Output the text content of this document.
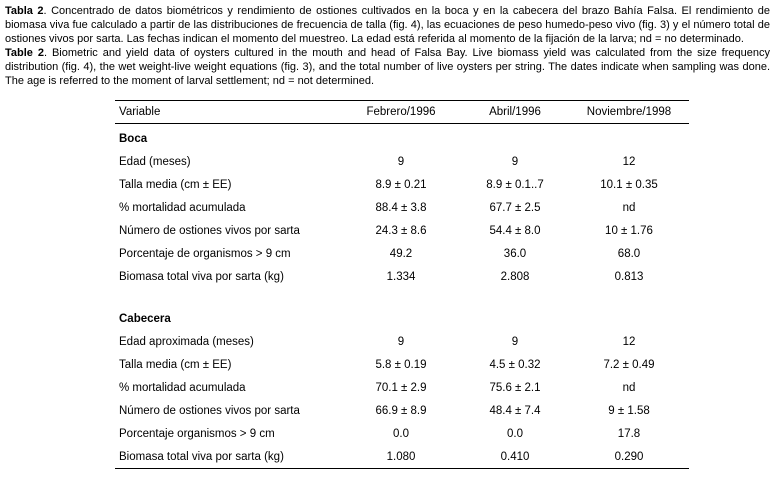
Tabla 2. Concentrado de datos biométricos y rendimiento de ostiones cultivados en la boca y en la cabecera del brazo Bahía Falsa. El rendimiento de biomasa viva fue calculado a partir de las distribuciones de frecuencia de talla (fig. 4), las ecuaciones de peso humedo-peso vivo (fig. 3) y el número total de ostiones vivos por sarta. Las fechas indican el momento del muestreo. La edad está referida al momento de la fijación de la larva; nd = no determinado.

Table 2. Biometric and yield data of oysters cultured in the mouth and head of Falsa Bay. Live biomass yield was calculated from the size frequency distribution (fig. 4), the wet weight-live weight equations (fig. 3), and the total number of live oysters per string. The dates indicate when sampling was done. The age is referred to the moment of larval settlement; nd = not determined.

Variable	Febrero/1996	Abril/1996	Noviembre/1998
Boca			
Edad (meses)	9	9	12
Talla media (cm ± EE)	8.9 ± 0.21	8.9 ± 0.1..7	10.1 ± 0.35
% mortalidad acumulada	88.4 ± 3.8	67.7 ± 2.5	nd
Número de ostiones vivos por sarta	24.3 ± 8.6	54.4 ± 8.0	10 ± 1.76
Porcentaje de organismos > 9 cm	49.2	36.0	68.0
Biomasa total viva por sarta (kg)	1.334	2.808	0.813

Cabecera			
Edad aproximada (meses)	9	9	12
Talla media (cm ± EE)	5.8 ± 0.19	4.5 ± 0.32	7.2 ± 0.49
% mortalidad acumulada	70.1 ± 2.9	75.6 ± 2.1	nd
Número de ostiones vivos por sarta	66.9 ± 8.9	48.4 ± 7.4	9 ± 1.58
Porcentaje organismos > 9 cm	0.0	0.0	17.8
Biomasa total viva por sarta (kg)	1.080	0.410	0.290
